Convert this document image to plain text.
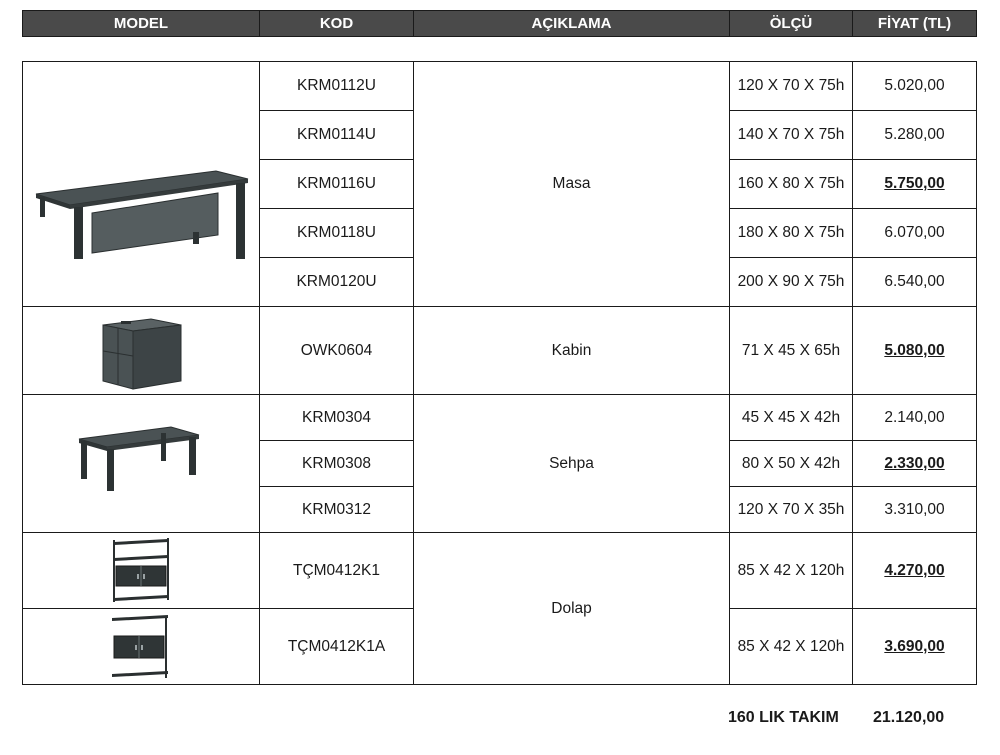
MODEL	KOD	AÇIKLAMA	ÖLÇÜ	FİYAT (TL)
	KRM0112U	Masa	120 X 70 X 75h	5.020,00
	KRM0114U		140 X 70 X 75h	5.280,00
	KRM0116U		160 X 80 X 75h	5.750,00
	KRM0118U		180 X 80 X 75h	6.070,00
	KRM0120U		200 X 90 X 75h	6.540,00

	OWK0604	Kabin	71 X 45 X 65h	5.080,00

	KRM0304	Sehpa	45 X 45 X 42h	2.140,00
	KRM0308		80 X 50 X 42h	2.330,00
	KRM0312		120 X 70 X 35h	3.310,00

	TÇM0412K1	Dolap	85 X 42 X 120h	4.270,00

	TÇM0412K1A		85 X 42 X 120h	3.690,00
160 LIK TAKIM 21.120,00
